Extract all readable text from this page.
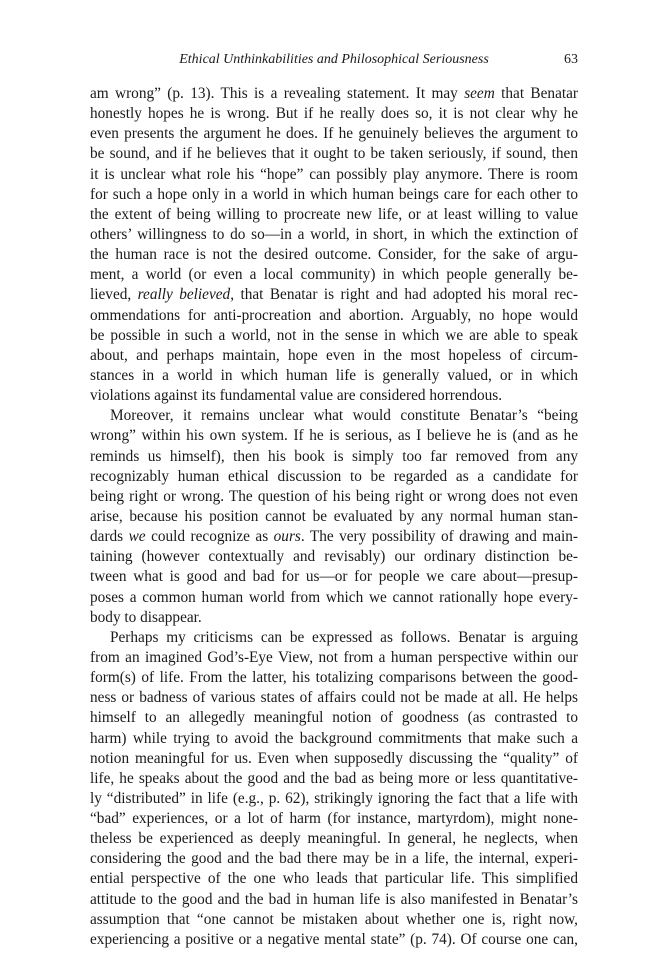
Ethical Unthinkabilities and Philosophical Seriousness	63
am wrong” (p. 13). This is a revealing statement. It may seem that Benatar
honestly hopes he is wrong. But if he really does so, it is not clear why he
even presents the argument he does. If he genuinely believes the argument to
be sound, and if he believes that it ought to be taken seriously, if sound, then
it is unclear what role his “hope” can possibly play anymore. There is room
for such a hope only in a world in which human beings care for each other to
the extent of being willing to procreate new life, or at least willing to value
others’ willingness to do so—in a world, in short, in which the extinction of
the human race is not the desired outcome. Consider, for the sake of argu-
ment, a world (or even a local community) in which people generally be-
lieved, really believed, that Benatar is right and had adopted his moral rec-
ommendations for anti-procreation and abortion. Arguably, no hope would
be possible in such a world, not in the sense in which we are able to speak
about, and perhaps maintain, hope even in the most hopeless of circum-
stances in a world in which human life is generally valued, or in which
violations against its fundamental value are considered horrendous.
Moreover, it remains unclear what would constitute Benatar’s “being
wrong” within his own system. If he is serious, as I believe he is (and as he
reminds us himself), then his book is simply too far removed from any
recognizably human ethical discussion to be regarded as a candidate for
being right or wrong. The question of his being right or wrong does not even
arise, because his position cannot be evaluated by any normal human stan-
dards we could recognize as ours. The very possibility of drawing and main-
taining (however contextually and revisably) our ordinary distinction be-
tween what is good and bad for us—or for people we care about—presup-
poses a common human world from which we cannot rationally hope every-
body to disappear.
Perhaps my criticisms can be expressed as follows. Benatar is arguing
from an imagined God’s-Eye View, not from a human perspective within our
form(s) of life. From the latter, his totalizing comparisons between the good-
ness or badness of various states of affairs could not be made at all. He helps
himself to an allegedly meaningful notion of goodness (as contrasted to
harm) while trying to avoid the background commitments that make such a
notion meaningful for us. Even when supposedly discussing the “quality” of
life, he speaks about the good and the bad as being more or less quantitative-
ly “distributed” in life (e.g., p. 62), strikingly ignoring the fact that a life with
“bad” experiences, or a lot of harm (for instance, martyrdom), might none-
theless be experienced as deeply meaningful. In general, he neglects, when
considering the good and the bad there may be in a life, the internal, experi-
ential perspective of the one who leads that particular life. This simplified
attitude to the good and the bad in human life is also manifested in Benatar’s
assumption that “one cannot be mistaken about whether one is, right now,
experiencing a positive or a negative mental state” (p. 74). Of course one can,
